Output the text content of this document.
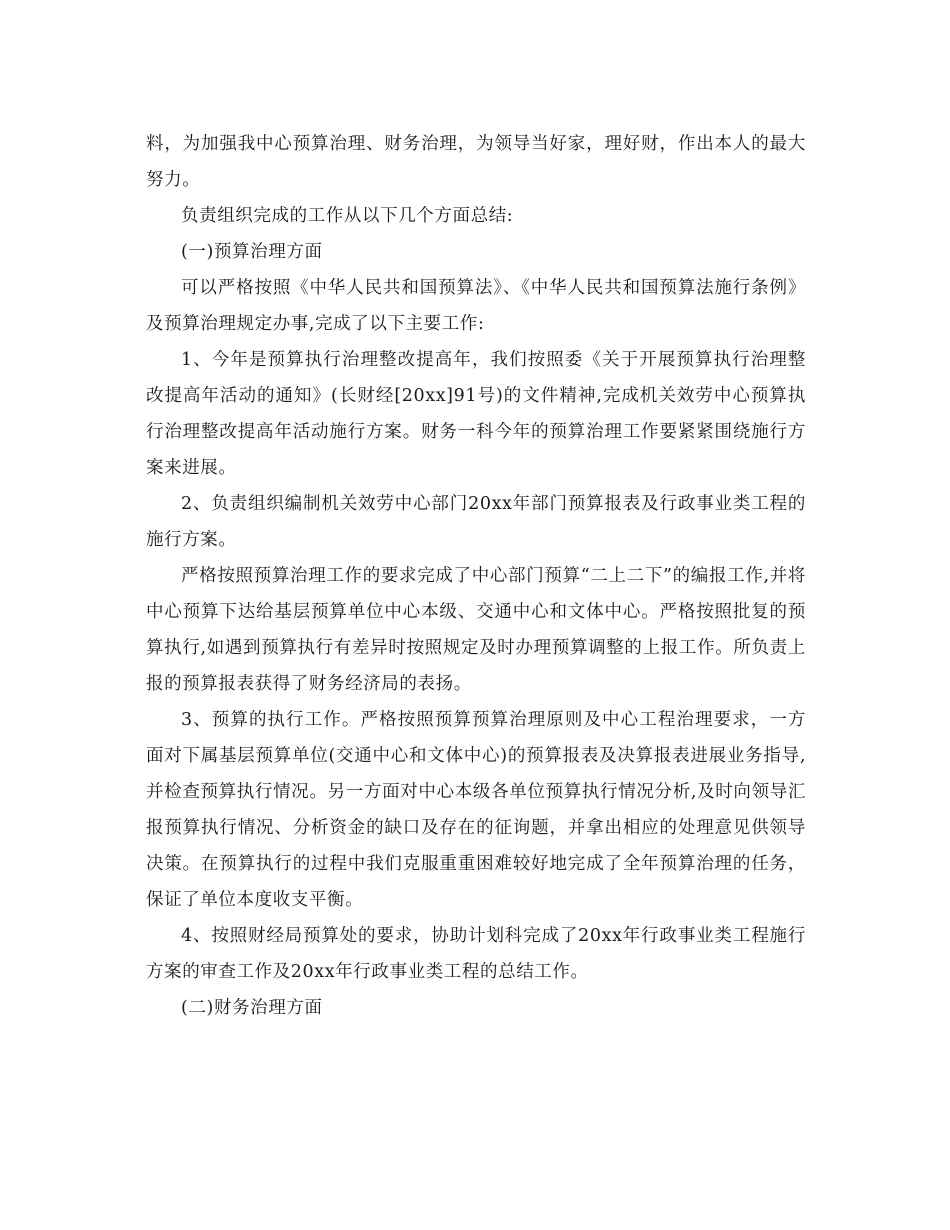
料，为加强我中心预算治理、财务治理，为领导当好家，理好财，作出本人的最大努力。

负责组织完成的工作从以下几个方面总结:

(一)预算治理方面

可以严格按照《中华人民共和国预算法》、《中华人民共和国预算法施行条例》及预算治理规定办事,完成了以下主要工作:

1、今年是预算执行治理整改提高年，我们按照委《关于开展预算执行治理整改提高年活动的通知》(长财经[20xx]91号)的文件精神,完成机关效劳中心预算执行治理整改提高年活动施行方案。财务一科今年的预算治理工作要紧紧围绕施行方案来进展。

2、负责组织编制机关效劳中心部门20xx年部门预算报表及行政事业类工程的施行方案。

严格按照预算治理工作的要求完成了中心部门预算“二上二下”的编报工作,并将中心预算下达给基层预算单位中心本级、交通中心和文体中心。严格按照批复的预算执行,如遇到预算执行有差异时按照规定及时办理预算调整的上报工作。所负责上报的预算报表获得了财务经济局的表扬。

3、预算的执行工作。严格按照预算预算治理原则及中心工程治理要求，一方面对下属基层预算单位(交通中心和文体中心)的预算报表及决算报表进展业务指导,并检查预算执行情况。另一方面对中心本级各单位预算执行情况分析,及时向领导汇报预算执行情况、分析资金的缺口及存在的征询题，并拿出相应的处理意见供领导决策。在预算执行的过程中我们克服重重困难较好地完成了全年预算治理的任务，保证了单位本度收支平衡。

4、按照财经局预算处的要求，协助计划科完成了20xx年行政事业类工程施行方案的审查工作及20xx年行政事业类工程的总结工作。

(二)财务治理方面
